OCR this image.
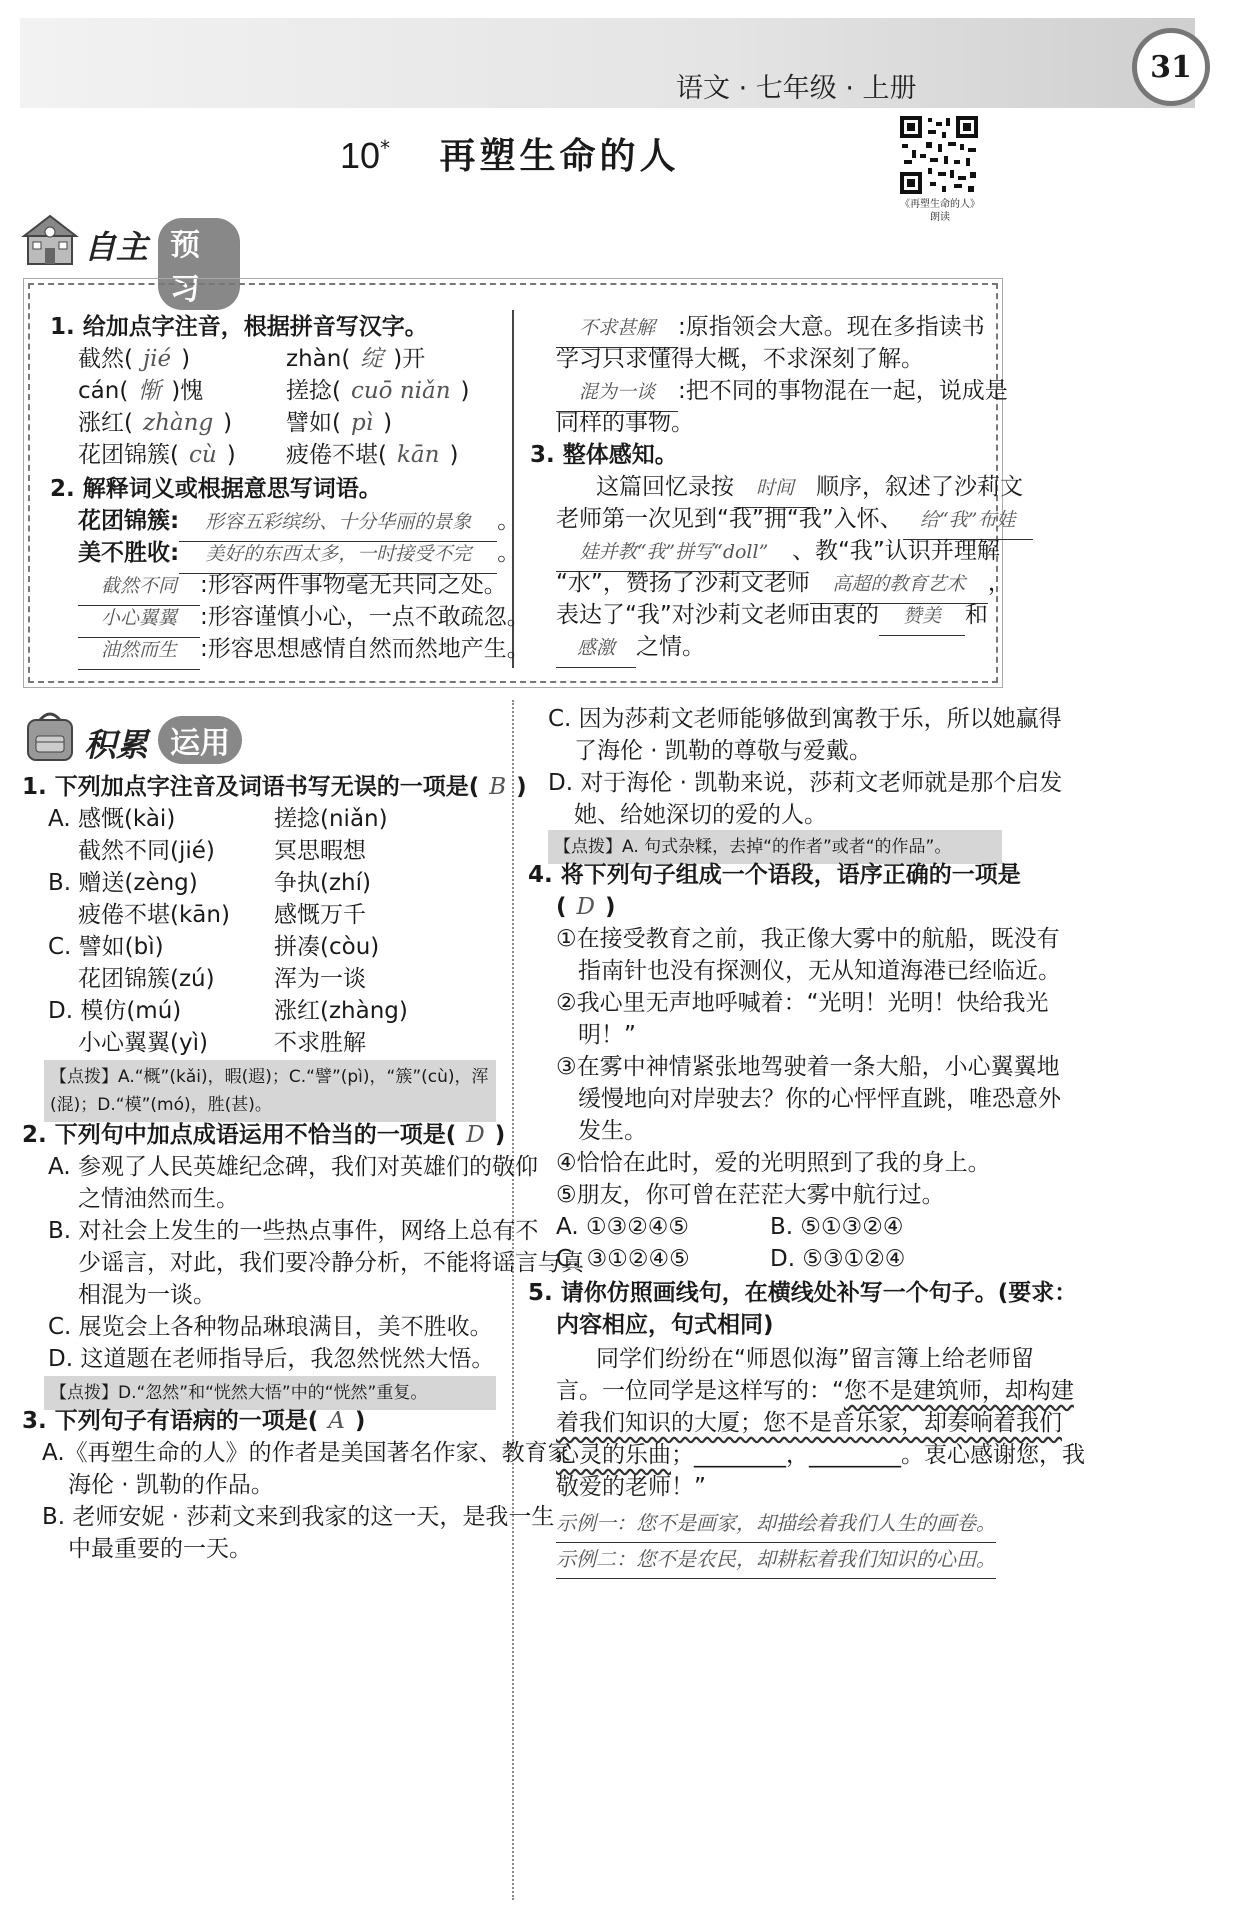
语文 · 七年级 · 上册
31
10* 再塑生命的人
《再塑生命的人》
朗读
自主 预习
1. 给加点字注音，根据拼音写汉字。
截然( jié )	zhàn( 绽 )开
cán( 惭 )愧	搓捻( cuō niǎn )
涨红( zhàng ) 譬如( pì )
花团锦簇( cù ) 疲倦不堪( kān )
2. 解释词义或根据意思写词语。
花团锦簇: 形容五彩缤纷、十分华丽的景象 。
美不胜收: 美好的东西太多，一时接受不完 。
截然不同 :形容两件事物毫无共同之处。
小心翼翼 :形容谨慎小心，一点不敢疏忽。
油然而生 :形容思想感情自然而然地产生。
不求甚解 :原指领会大意。现在多指读书
学习只求懂得大概，不求深刻了解。
混为一谈 :把不同的事物混在一起，说成是
同样的事物。
3. 整体感知。
这篇回忆录按 时间 顺序，叙述了沙莉文
老师第一次见到“我”拥“我”入怀、 给“我”布娃
娃并教“我”拼写“doll” 、教“我”认识并理解
“水”，赞扬了沙莉文老师 高超的教育艺术 ，
表达了“我”对沙莉文老师由衷的 赞美 和
感激 之情。
积累 运用
1. 下列加点字注音及词语书写无误的一项是( B )
A. 感慨(kài)	搓捻(niǎn)
截然不同(jié)	冥思暇想
B. 赠送(zèng)	争执(zhí)
疲倦不堪(kān) 感慨万千
C. 譬如(bì)	拼凑(còu)
花团锦簇(zú)	浑为一谈
D. 模仿(mú)	涨红(zhàng)
小心翼翼(yì)	不求胜解
【点拨】A.“概”(kǎi)，暇(遐)；C.“譬”(pì)，“簇”(cù)，浑(混)；D.“模”(mó)，胜(甚)。
2. 下列句中加点成语运用不恰当的一项是( D )
A. 参观了人民英雄纪念碑，我们对英雄们的敬仰
之情油然而生。
B. 对社会上发生的一些热点事件，网络上总有不
少谣言，对此，我们要冷静分析，不能将谣言与真
相混为一谈。
C. 展览会上各种物品琳琅满目，美不胜收。
D. 这道题在老师指导后，我忽然恍然大悟。
【点拨】D.“忽然”和“恍然大悟”中的“恍然”重复。
3. 下列句子有语病的一项是( A )
A.《再塑生命的人》的作者是美国著名作家、教育家
海伦 · 凯勒的作品。
B. 老师安妮 · 莎莉文来到我家的这一天，是我一生
中最重要的一天。
C. 因为莎莉文老师能够做到寓教于乐，所以她赢得
了海伦 · 凯勒的尊敬与爱戴。
D. 对于海伦 · 凯勒来说，莎莉文老师就是那个启发
她、给她深切的爱的人。
【点拨】A. 句式杂糅，去掉“的作者”或者“的作品”。
4. 将下列句子组成一个语段，语序正确的一项是
( D )
①在接受教育之前，我正像大雾中的航船，既没有
指南针也没有探测仪，无从知道海港已经临近。
②我心里无声地呼喊着：“光明！光明！快给我光
明！”
③在雾中神情紧张地驾驶着一条大船，小心翼翼地
缓慢地向对岸驶去？你的心怦怦直跳，唯恐意外
发生。
④恰恰在此时，爱的光明照到了我的身上。
⑤朋友，你可曾在茫茫大雾中航行过。
A. ①③②④⑤	B. ⑤①③②④
C. ③①②④⑤	D. ⑤③①②④
5. 请你仿照画线句，在横线处补写一个句子。(要求：
内容相应，句式相同)
同学们纷纷在“师恩似海”留言簿上给老师留
言。一位同学是这样写的：“您不是建筑师，却构建
着我们知识的大厦；您不是音乐家，却奏响着我们
心灵的乐曲；________，________。衷心感谢您，我
敬爱的老师！”
示例一：您不是画家，却描绘着我们人生的画卷。
示例二：您不是农民，却耕耘着我们知识的心田。
